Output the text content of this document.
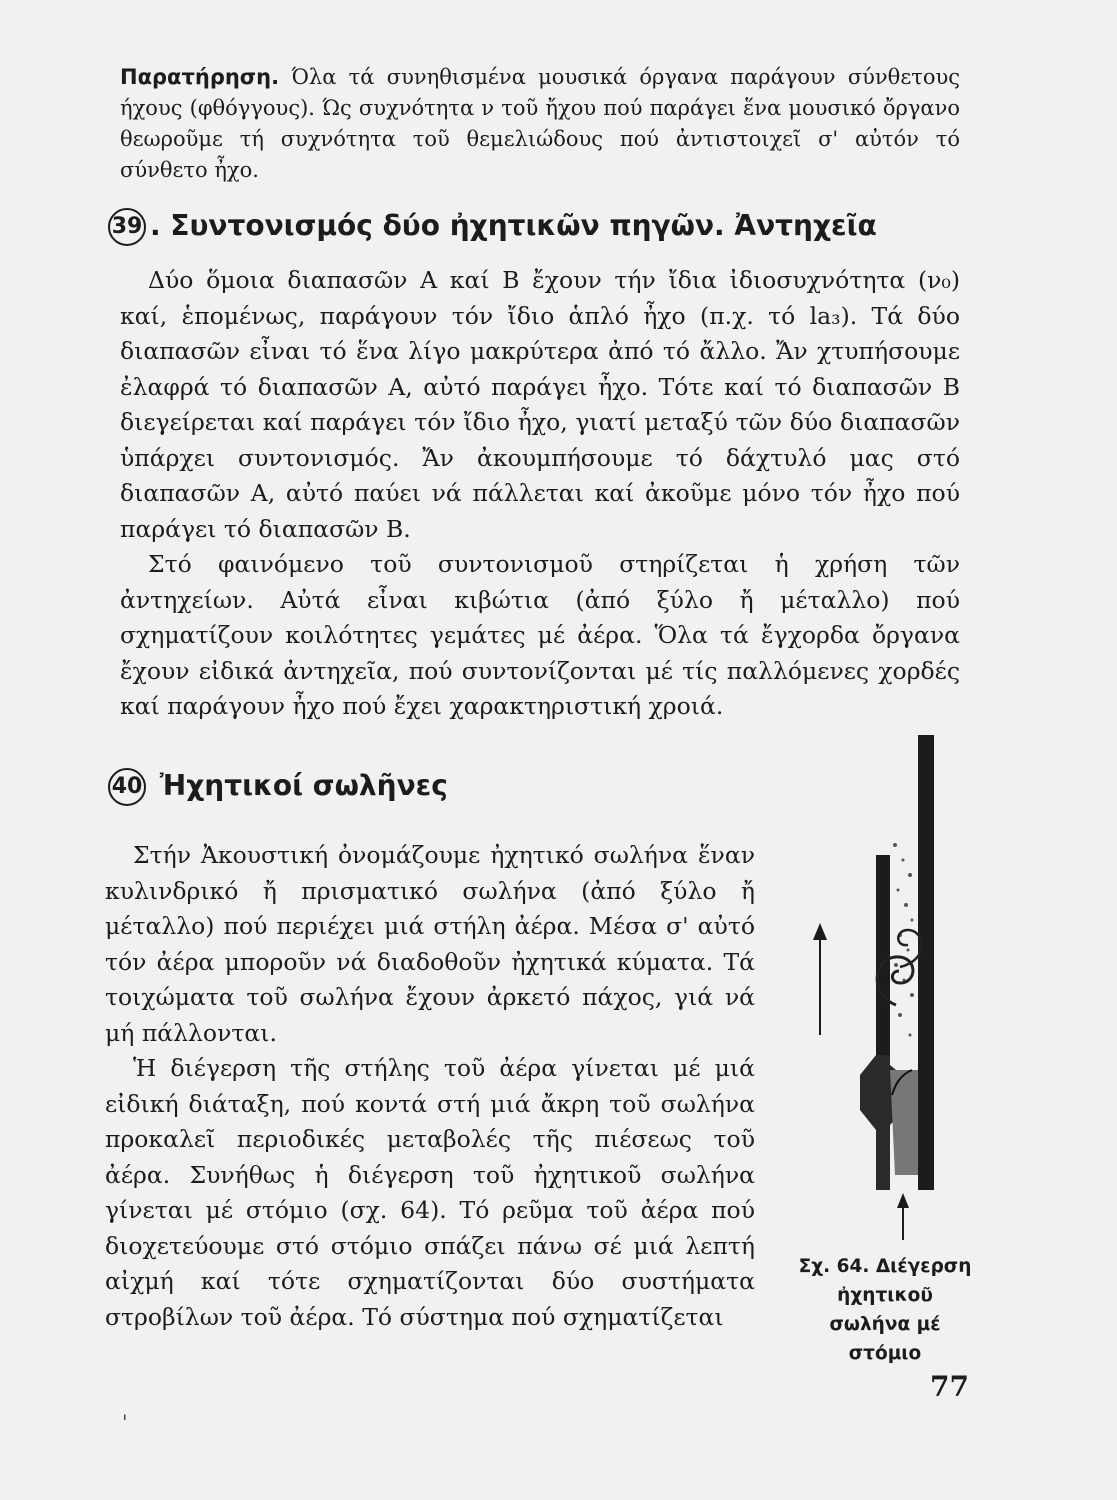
Παρατήρηση. Όλα τά συνηθισμένα μουσικά όργανα παράγουν σύνθετους ήχους (φθόγγους). Ώς συχνότητα ν τοῦ ἤχου πού παράγει ἕνα μουσικό ὄργανο θεωροῦμε τή συχνότητα τοῦ θεμελιώδους πού ἀντιστοιχεῖ σ' αὐτόν τό σύνθετο ἦχο.
39 . Συντονισμός δύο ἠχητικῶν πηγῶν. Ἀντηχεῖα

Δύο ὅμοια διαπασῶν Α καί Β ἔχουν τήν ἴδια ἰδιοσυχνότητα (ν₀) καί, ἑπομένως, παράγουν τόν ἴδιο ἁπλό ἦχο (π.χ. τό la₃). Τά δύο διαπασῶν εἶναι τό ἕνα λίγο μακρύτερα ἀπό τό ἄλλο. Ἄν χτυπήσουμε ἐλαφρά τό διαπασῶν Α, αὐτό παράγει ἦχο. Τότε καί τό διαπασῶν Β διεγείρεται καί παράγει τόν ἴδιο ἦχο, γιατί μεταξύ τῶν δύο διαπασῶν ὑπάρχει συντονισμός. Ἄν ἀκουμπήσουμε τό δάχτυλό μας στό διαπασῶν Α, αὐτό παύει νά πάλλεται καί ἀκοῦμε μόνο τόν ἦχο πού παράγει τό διαπασῶν Β.

Στό φαινόμενο τοῦ συντονισμοῦ στηρίζεται ἡ χρήση τῶν ἀντηχείων. Αὐτά εἶναι κιβώτια (ἀπό ξύλο ἤ μέταλλο) πού σχηματίζουν κοιλότητες γεμάτες μέ ἀέρα. Ὅλα τά ἔγχορδα ὄργανα ἔχουν εἰδικά ἀντηχεῖα, πού συντονίζονται μέ τίς παλλόμενες χορδές καί παράγουν ἦχο πού ἔχει χαρακτηριστική χροιά.

40 Ἠχητικοί σωλῆνες

Στήν Ἀκουστική ὀνομάζουμε ἠχητικό σωλήνα ἕναν κυλινδρικό ἤ πρισματικό σωλήνα (ἀπό ξύλο ἤ μέταλλο) πού περιέχει μιά στήλη ἀέρα. Μέσα σ' αὐτό τόν ἀέρα μποροῦν νά διαδοθοῦν ἠχητικά κύματα. Τά τοιχώματα τοῦ σωλήνα ἔχουν ἀρκετό πάχος, γιά νά μή πάλλονται.

Ἡ διέγερση τῆς στήλης τοῦ ἀέρα γίνεται μέ μιά εἰδική διάταξη, πού κοντά στή μιά ἄκρη τοῦ σωλήνα προκαλεῖ περιοδικές μεταβολές τῆς πιέσεως τοῦ ἀέρα. Συνήθως ἡ διέγερση τοῦ ἠχητικοῦ σωλήνα γίνεται μέ στόμιο (σχ. 64). Τό ρεῦμα τοῦ ἀέρα πού διοχετεύουμε στό στόμιο σπάζει πάνω σέ μιά λεπτή αἰχμή καί τότε σχηματίζονται δύο συστήματα στροβίλων τοῦ ἀέρα. Τό σύστημα πού σχηματίζεται

Σχ. 64. Διέγερση ἠχητικοῦ σωλήνα μέ στόμιο
77
'
